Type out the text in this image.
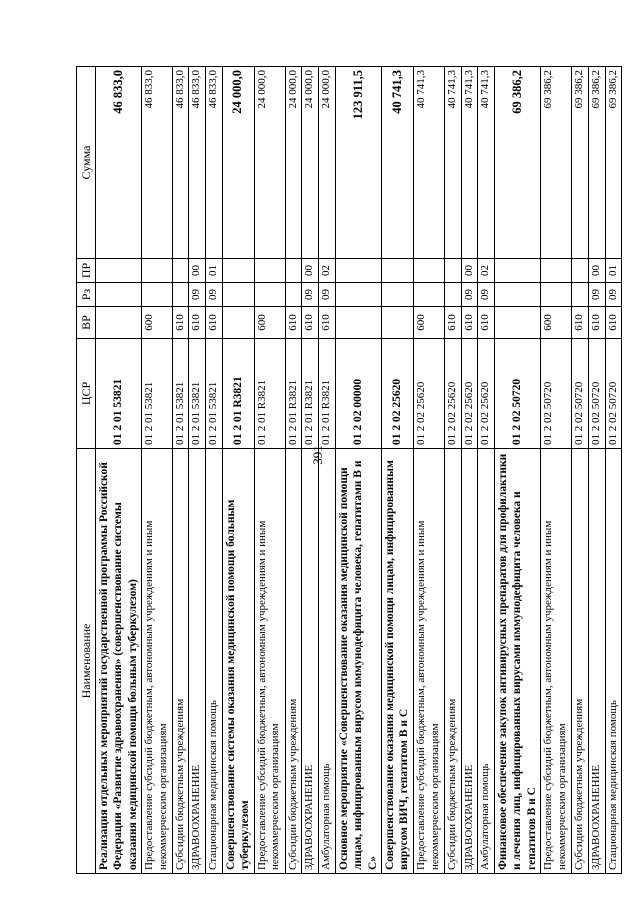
391
Наименование	ЦСР	ВР	Рз	ПР	Сумма
Реализация отдельных мероприятий государственной программы Российской Федерации «Развитие здравоохранения» (совершенствование системы оказания медицинской помощи больным туберкулезом)	01 2 01 53821				46 833,0
Предоставление субсидий бюджетным, автономным учреждениям и иным некоммерческим организациям	01 2 01 53821	600			46 833,0
Субсидии бюджетным учреждениям	01 2 01 53821	610			46 833,0
ЗДРАВООХРАНЕНИЕ	01 2 01 53821	610	09	00	46 833,0
Стационарная медицинская помощь	01 2 01 53821	610	09	01	46 833,0
Совершенствование системы оказания медицинской помощи больным туберкулезом	01 2 01 R3821				24 000,0
Предоставление субсидий бюджетным, автономным учреждениям и иным некоммерческим организациям	01 2 01 R3821	600			24 000,0
Субсидии бюджетным учреждениям	01 2 01 R3821	610			24 000,0
ЗДРАВООХРАНЕНИЕ	01 2 01 R3821	610	09	00	24 000,0
Амбулаторная помощь	01 2 01 R3821	610	09	02	24 000,0
Основное мероприятие «Совершенствование оказания медицинской помощи лицам, инфицированным вирусом иммунодефицита человека, гепатитами В и С»	01 2 02 00000				123 911,5
Совершенствование оказания медицинской помощи лицам, инфицированным вирусом ВИЧ, гепатитом В и С	01 2 02 25620				40 741,3
Предоставление субсидий бюджетным, автономным учреждениям и иным некоммерческим организациям	01 2 02 25620	600			40 741,3
Субсидии бюджетным учреждениям	01 2 02 25620	610			40 741,3
ЗДРАВООХРАНЕНИЕ	01 2 02 25620	610	09	00	40 741,3
Амбулаторная помощь	01 2 02 25620	610	09	02	40 741,3
Финансовое обеспечение закупок антивирусных препаратов для профилактики и лечения лиц, инфицированных вирусами иммунодефицита человека и гепатитов В и С	01 2 02 50720				69 386,2
Предоставление субсидий бюджетным, автономным учреждениям и иным некоммерческим организациям	01 2 02 50720	600			69 386,2
Субсидии бюджетным учреждениям	01 2 02 50720	610			69 386,2
ЗДРАВООХРАНЕНИЕ	01 2 02 50720	610	09	00	69 386,2
Стационарная медицинская помощь	01 2 02 50720	610	09	01	69 386,2
